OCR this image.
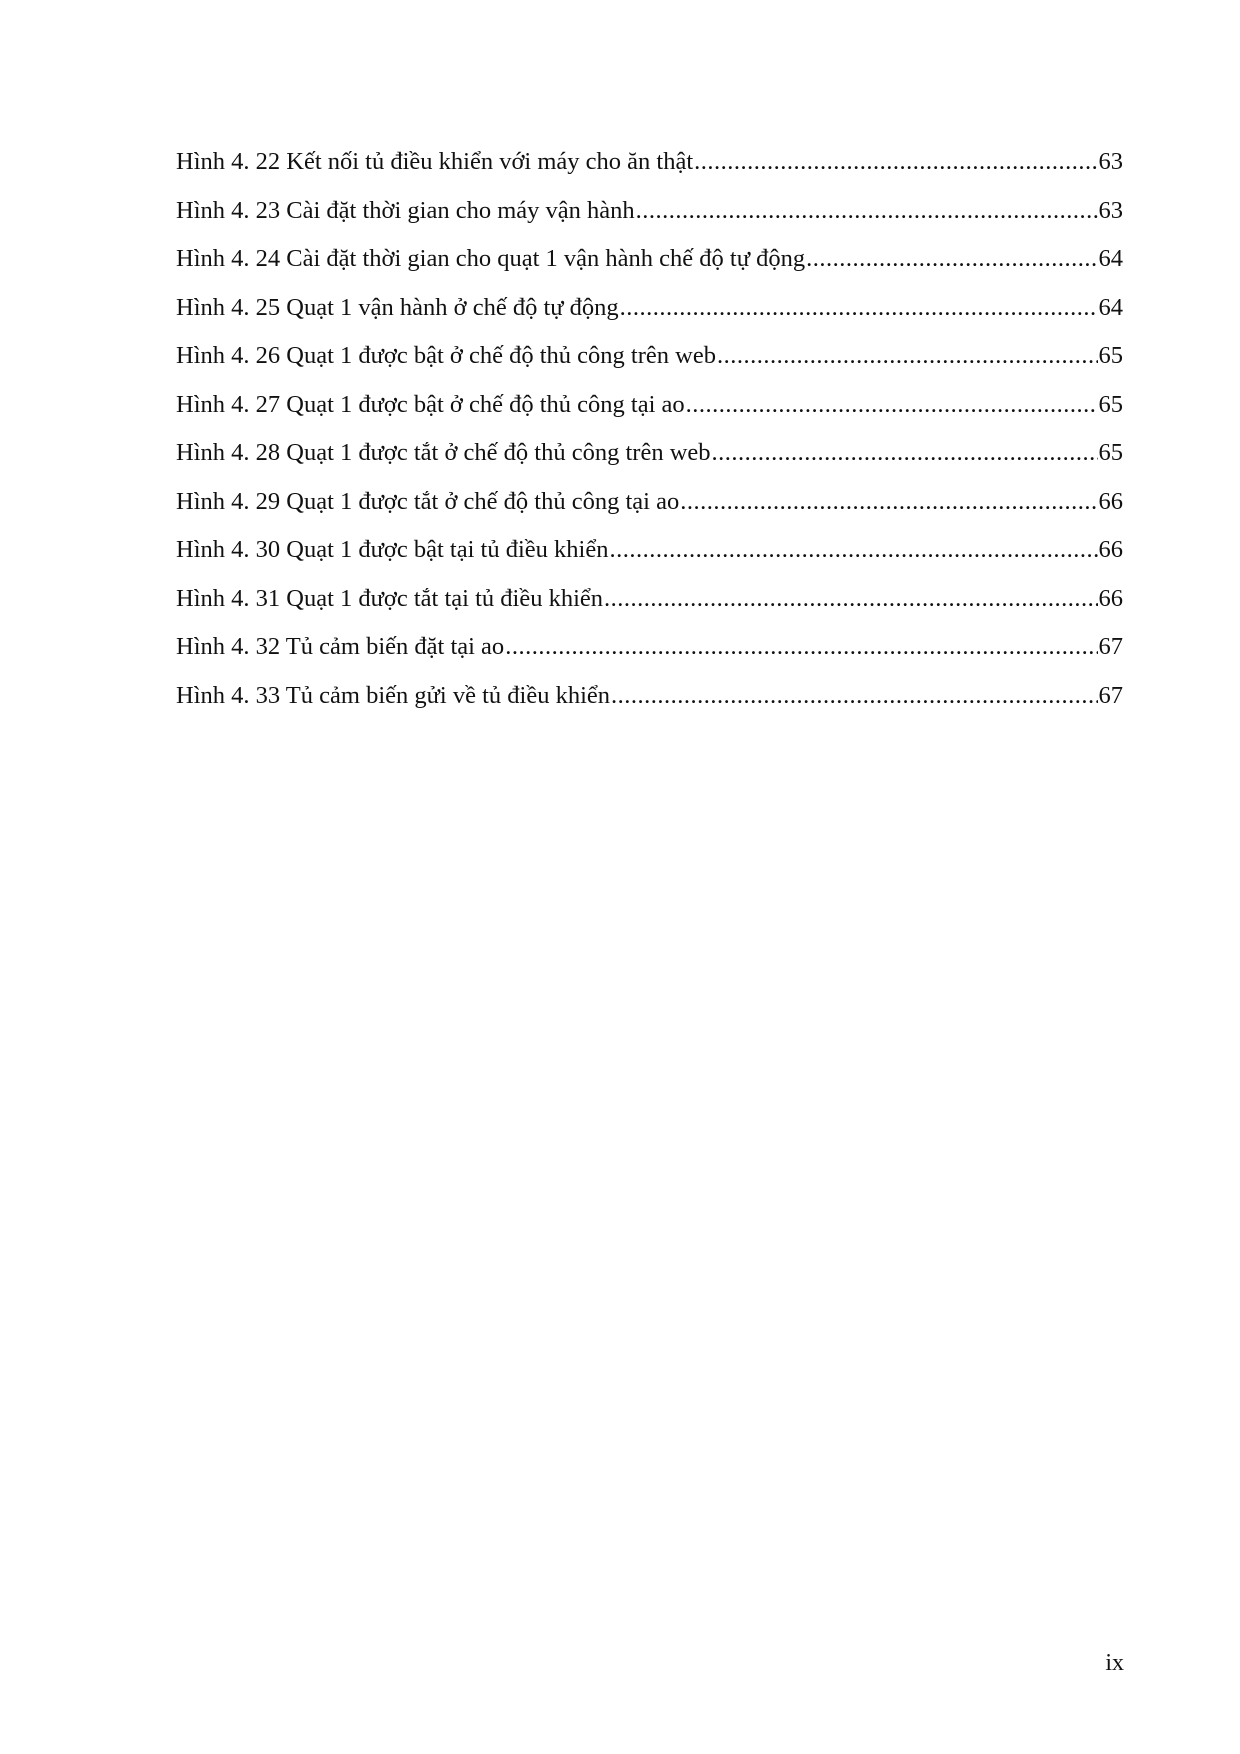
Hình 4. 22 Kết nối tủ điều khiển với máy cho ăn thật .....	63
Hình 4. 23 Cài đặt thời gian cho máy vận hành .....	63
Hình 4. 24 Cài đặt thời gian cho quạt 1 vận hành chế độ tự động .....	64
Hình 4. 25 Quạt 1 vận hành ở chế độ tự động .....	64
Hình 4. 26 Quạt 1 được bật ở chế độ thủ công trên web .....	65
Hình 4. 27 Quạt 1 được bật ở chế độ thủ công tại ao .....	65
Hình 4. 28 Quạt 1 được tắt ở chế độ thủ công trên web .....	65
Hình 4. 29 Quạt 1 được tắt ở chế độ thủ công tại ao .....	66
Hình 4. 30 Quạt 1 được bật tại tủ điều khiển .....	66
Hình 4. 31 Quạt 1 được tắt tại tủ điều khiển .....	66
Hình 4. 32 Tủ cảm biến đặt tại ao .....	67
Hình 4. 33 Tủ cảm biến gửi về tủ điều khiển .....	67
ix
